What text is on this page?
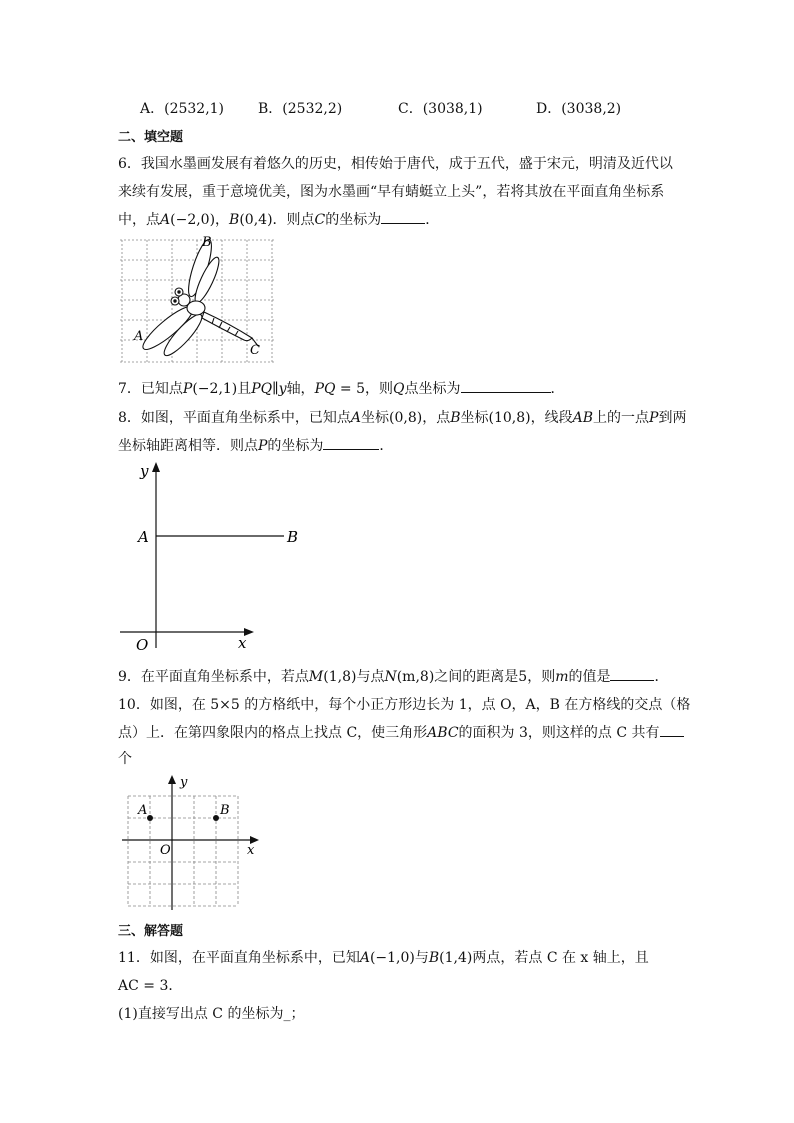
A．(2532,1) B．(2532,2)	C．(3038,1)	D．(3038,2)
二、填空题
6．我国水墨画发展有着悠久的历史，相传始于唐代，成于五代，盛于宋元，明清及近代以
来续有发展，重于意境优美，图为水墨画“早有蜻蜓立上头”，若将其放在平面直角坐标系
中，点A(−2,0)，B(0,4)．则点C的坐标为	．
B
A
C
7．已知点P(−2,1)且PQ∥y轴，PQ = 5，则Q点坐标为	．
8．如图，平面直角坐标系中，已知点A坐标(0,8)，点B坐标(10,8)，线段AB上的一点P到两
坐标轴距离相等．则点P的坐标为	．
y
x
A	B
O
9．在平面直角坐标系中，若点M(1,8)与点N(m,8)之间的距离是5，则m的值是	．
10．如图，在 5×5 的方格纸中，每个小正方形边长为 1，点 O，A，B 在方格线的交点（格
点）上．在第四象限内的格点上找点 C，使三角形ABC的面积为 3，则这样的点 C 共有
个
y
x
A	B
O
三、解答题
11．如图，在平面直角坐标系中，已知A(−1,0)与B(1,4)两点，若点 C 在 x 轴上，且
AC = 3．
(1)直接写出点 C 的坐标为_；
